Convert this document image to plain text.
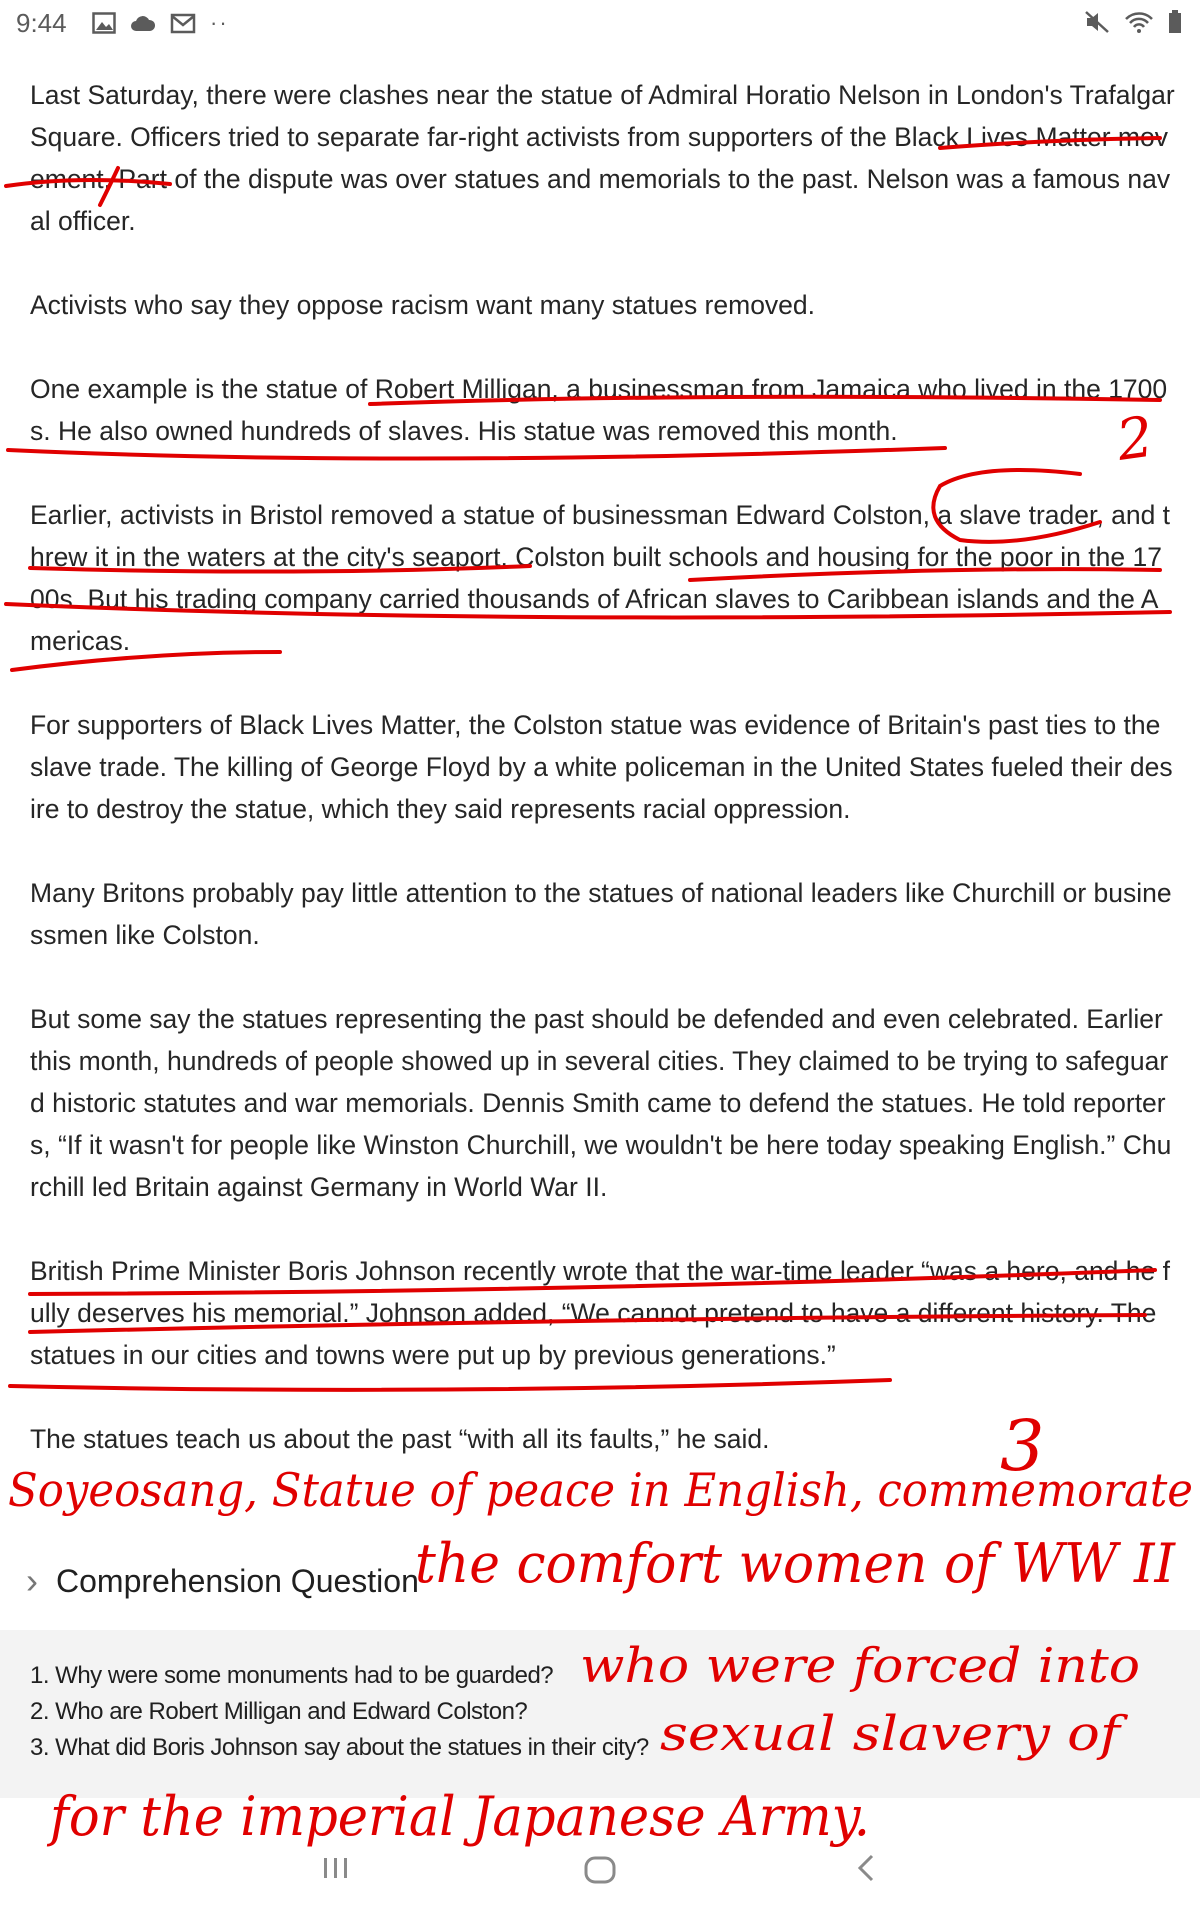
9:44	··

Last Saturday, there were clashes near the statue of Admiral Horatio Nelson in London's Trafalgar Square. Officers tried to separate far-right activists from supporters of the Black Lives Matter movement. Part of the dispute was over statues and memorials to the past. Nelson was a famous naval officer.

Activists who say they oppose racism want many statues removed.

One example is the statue of Robert Milligan, a businessman from Jamaica who lived in the 1700s. He also owned hundreds of slaves. His statue was removed this month.

Earlier, activists in Bristol removed a statue of businessman Edward Colston, a slave trader, and threw it in the waters at the city's seaport. Colston built schools and housing for the poor in the 1700s. But his trading company carried thousands of African slaves to Caribbean islands and the Americas.

For supporters of Black Lives Matter, the Colston statue was evidence of Britain's past ties to the slave trade. The killing of George Floyd by a white policeman in the United States fueled their desire to destroy the statue, which they said represents racial oppression.

Many Britons probably pay little attention to the statues of national leaders like Churchill or businessmen like Colston.

But some say the statues representing the past should be defended and even celebrated. Earlier this month, hundreds of people showed up in several cities. They claimed to be trying to safeguard historic statutes and war memorials. Dennis Smith came to defend the statues. He told reporters, “If it wasn't for people like Winston Churchill, we wouldn't be here today speaking English.” Churchill led Britain against Germany in World War II.

British Prime Minister Boris Johnson recently wrote that the war-time leader “was a hero, and he fully deserves his memorial.” Johnson added, “We cannot pretend to have a different history. The statues in our cities and towns were put up by previous generations.”

The statues teach us about the past “with all its faults,” he said.

› Comprehension Question
1. Why were some monuments had to be guarded?
2. Who are Robert Milligan and Edward Colston?
3. What did Boris Johnson say about the statues in their city?
2
3
Soyeosang, Statue of peace in English, commemorate
the comfort women of WW II
who were forced into
sexual slavery of
for the imperial Japanese Army.
